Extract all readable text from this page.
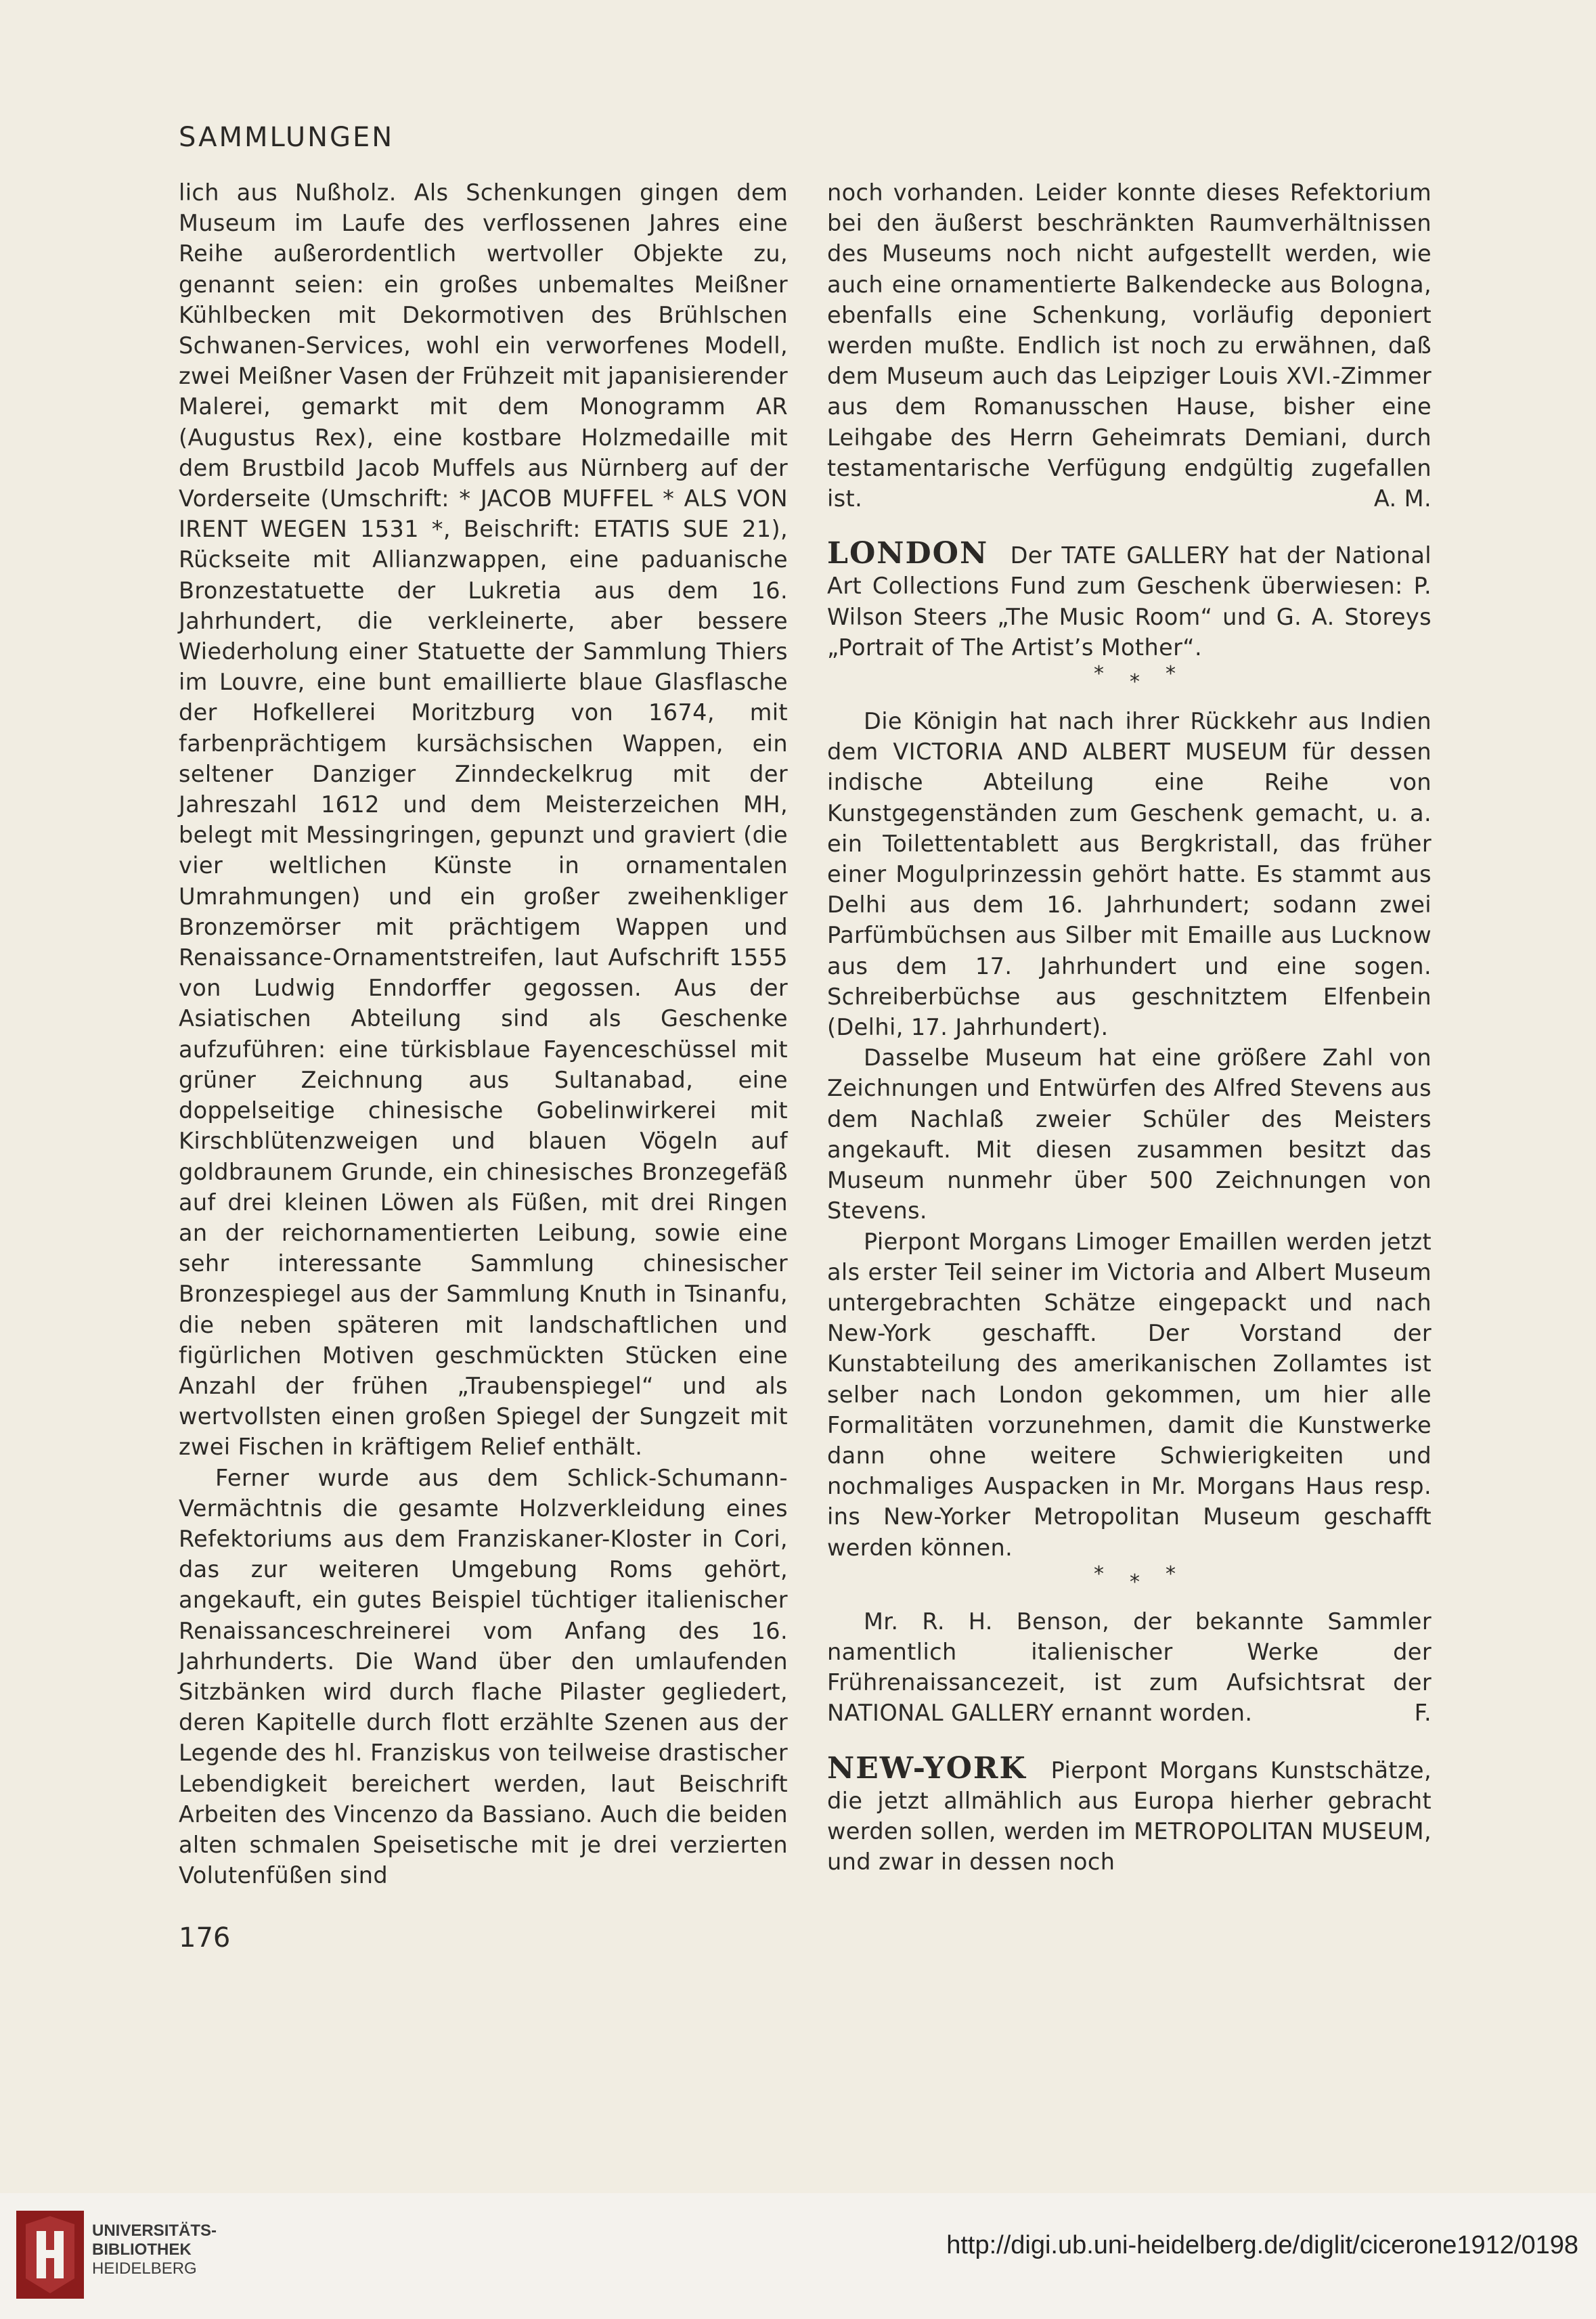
SAMMLUNGEN

lich aus Nußholz. Als Schenkungen gingen dem Museum im Laufe des verflossenen Jahres eine Reihe außerordentlich wertvoller Objekte zu, genannt seien: ein großes unbemaltes Meißner Kühlbecken mit Dekormotiven des Brühlschen Schwanen-Services, wohl ein verworfenes Modell, zwei Meißner Vasen der Frühzeit mit japanisierender Malerei, gemarkt mit dem Monogramm AR (Augustus Rex), eine kostbare Holzmedaille mit dem Brustbild Jacob Muffels aus Nürnberg auf der Vorderseite (Umschrift: * JACOB MUFFEL * ALS VON IRENT WEGEN 1531 *, Beischrift: ETATIS SUE 21), Rückseite mit Allianzwappen, eine paduanische Bronzestatuette der Lukretia aus dem 16. Jahrhundert, die verkleinerte, aber bessere Wiederholung einer Statuette der Sammlung Thiers im Louvre, eine bunt emaillierte blaue Glasflasche der Hofkellerei Moritzburg von 1674, mit farbenprächtigem kursächsischen Wappen, ein seltener Danziger Zinndeckelkrug mit der Jahreszahl 1612 und dem Meisterzeichen MH, belegt mit Messingringen, gepunzt und graviert (die vier weltlichen Künste in ornamentalen Umrahmungen) und ein großer zweihenkliger Bronzemörser mit prächtigem Wappen und Renaissance-Ornamentstreifen, laut Aufschrift 1555 von Ludwig Enndorffer gegossen. Aus der Asiatischen Abteilung sind als Geschenke aufzuführen: eine türkisblaue Fayenceschüssel mit grüner Zeichnung aus Sultanabad, eine doppelseitige chinesische Gobelinwirkerei mit Kirschblütenzweigen und blauen Vögeln auf goldbraunem Grunde, ein chinesisches Bronzegefäß auf drei kleinen Löwen als Füßen, mit drei Ringen an der reichornamentierten Leibung, sowie eine sehr interessante Sammlung chinesischer Bronzespiegel aus der Sammlung Knuth in Tsinanfu, die neben späteren mit landschaftlichen und figürlichen Motiven geschmückten Stücken eine Anzahl der frühen „Traubenspiegel“ und als wertvollsten einen großen Spiegel der Sungzeit mit zwei Fischen in kräftigem Relief enthält.

Ferner wurde aus dem Schlick-Schumann-Vermächtnis die gesamte Holzverkleidung eines Refektoriums aus dem Franziskaner-Kloster in Cori, das zur weiteren Umgebung Roms gehört, angekauft, ein gutes Beispiel tüchtiger italienischer Renaissanceschreinerei vom Anfang des 16. Jahrhunderts. Die Wand über den umlaufenden Sitzbänken wird durch flache Pilaster gegliedert, deren Kapitelle durch flott erzählte Szenen aus der Legende des hl. Franziskus von teilweise drastischer Lebendigkeit bereichert werden, laut Beischrift Arbeiten des Vincenzo da Bassiano. Auch die beiden alten schmalen Speisetische mit je drei verzierten Volutenfüßen sind

noch vorhanden. Leider konnte dieses Refektorium bei den äußerst beschränkten Raumverhältnissen des Museums noch nicht aufgestellt werden, wie auch eine ornamentierte Balkendecke aus Bologna, ebenfalls eine Schenkung, vorläufig deponiert werden mußte. Endlich ist noch zu erwähnen, daß dem Museum auch das Leipziger Louis XVI.-Zimmer aus dem Romanusschen Hause, bisher eine Leihgabe des Herrn Geheimrats Demiani, durch testamentarische Verfügung endgültig zugefallen ist.	A. M.

LONDON Der TATE GALLERY hat der National Art Collections Fund zum Geschenk überwiesen: P. Wilson Steers „The Music Room“ und G. A. Storeys „Portrait of The Artist’s Mother“.

* * *

Die Königin hat nach ihrer Rückkehr aus Indien dem VICTORIA AND ALBERT MUSEUM für dessen indische Abteilung eine Reihe von Kunstgegenständen zum Geschenk gemacht, u. a. ein Toilettentablett aus Bergkristall, das früher einer Mogulprinzessin gehört hatte. Es stammt aus Delhi aus dem 16. Jahrhundert; sodann zwei Parfümbüchsen aus Silber mit Emaille aus Lucknow aus dem 17. Jahrhundert und eine sogen. Schreiberbüchse aus geschnitztem Elfenbein (Delhi, 17. Jahrhundert).

Dasselbe Museum hat eine größere Zahl von Zeichnungen und Entwürfen des Alfred Stevens aus dem Nachlaß zweier Schüler des Meisters angekauft. Mit diesen zusammen besitzt das Museum nunmehr über 500 Zeichnungen von Stevens.

Pierpont Morgans Limoger Emaillen werden jetzt als erster Teil seiner im Victoria and Albert Museum untergebrachten Schätze eingepackt und nach New-York geschafft. Der Vorstand der Kunstabteilung des amerikanischen Zollamtes ist selber nach London gekommen, um hier alle Formalitäten vorzunehmen, damit die Kunstwerke dann ohne weitere Schwierigkeiten und nochmaliges Auspacken in Mr. Morgans Haus resp. ins New-Yorker Metropolitan Museum geschafft werden können.

* * *

Mr. R. H. Benson, der bekannte Sammler namentlich italienischer Werke der Frührenaissancezeit, ist zum Aufsichtsrat der NATIONAL GALLERY ernannt worden.	F.

NEW-YORK Pierpont Morgans Kunstschätze, die jetzt allmählich aus Europa hierher gebracht werden sollen, werden im METROPOLITAN MUSEUM, und zwar in dessen noch

176
UNIVERSITÄTS-
BIBLIOTHEK
HEIDELBERG
http://digi.ub.uni-heidelberg.de/diglit/cicerone1912/0198
